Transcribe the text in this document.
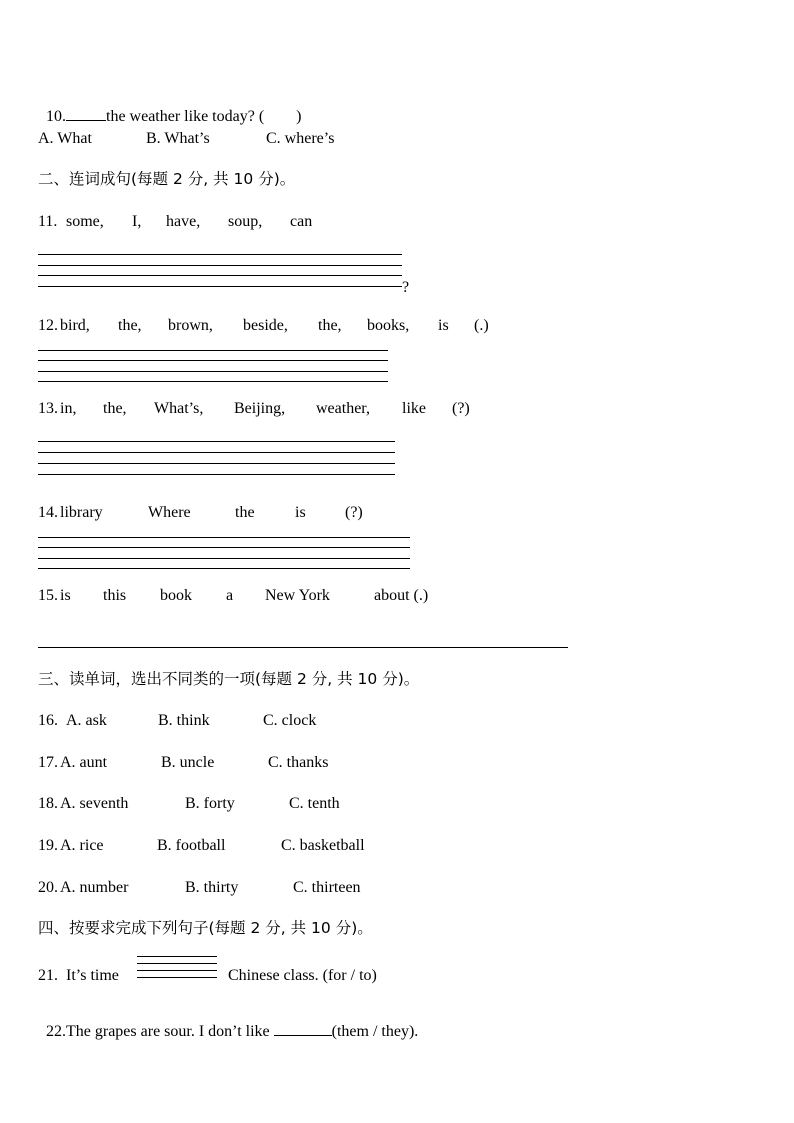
10.	the weather like today? (        )

A. What	B. What’s	C. where’s
二、连词成句(每题 2 分, 共 10 分)。
11. some, I, have, soup, can
?
12. bird, the, brown, beside, the, books, is (.)
13. in, the, What’s, Beijing, weather, like (?)
14. library	Where	the	is (?)
15. is this book a New York	about (.)
三、读单词，选出不同类的一项(每题 2 分, 共 10 分)。
16. A. ask	B. think	C. clock
17. A. aunt	B. uncle	C. thanks
18. A. seventh	B. forty	C. tenth
19. A. rice	B. football	C. basketball
20. A. number	B. thirty	C. thirteen
四、按要求完成下列句子(每题 2 分, 共 10 分)。
21. It’s time	Chinese class. (for / to)

22.The grapes are sour. I don’t like	(them / they).
